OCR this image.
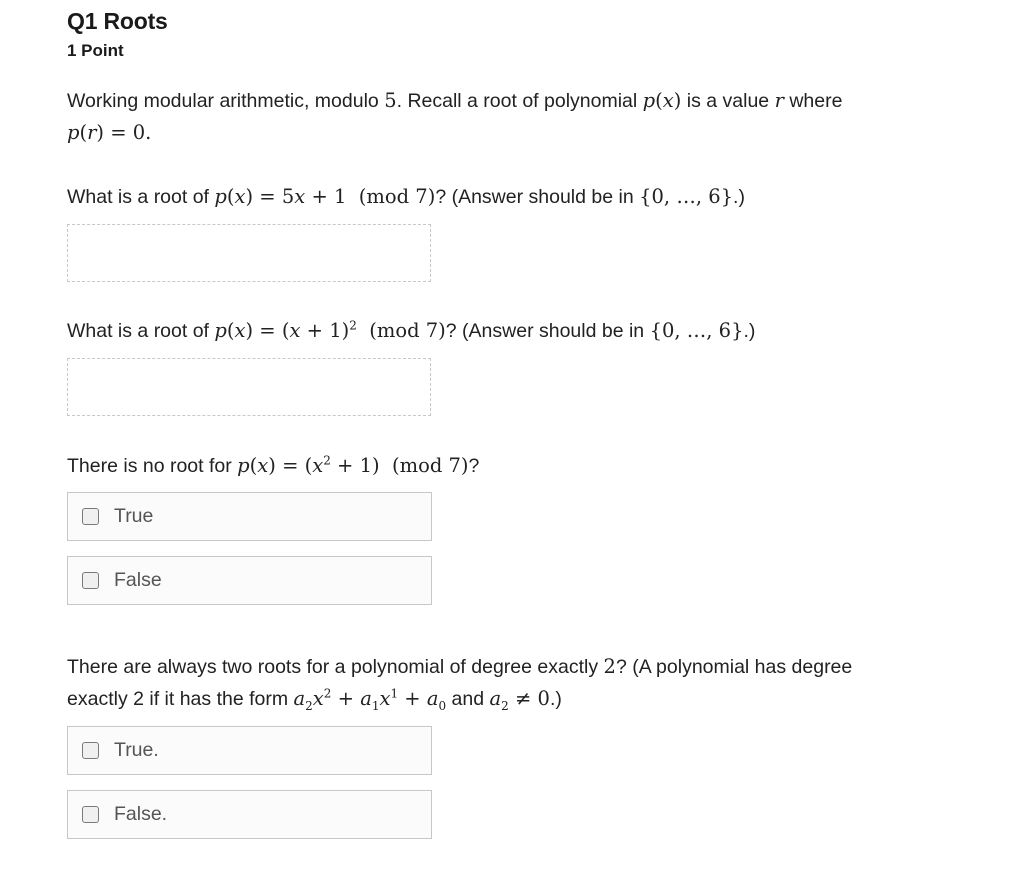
Q1 Roots
1 Point
Working modular arithmetic, modulo 5. Recall a root of polynomial p(x) is a value r where
p(r) = 0.
What is a root of p(x) = 5x + 1  (mod 7)? (Answer should be in {0, …, 6}.)
What is a root of $p(x) = (x + 1)^2$  (mod 7)? (Answer should be in {0, …, 6}.)
There is no root for $p(x) = (x^2 + 1)$  (mod 7)?
True
False
There are always two roots for a polynomial of degree exactly 2? (A polynomial has degree
exactly 2 if it has the form $a_2x^2 + a_1x^1 + a_0$ and $a_2 \ne 0$.)
True.
False.
